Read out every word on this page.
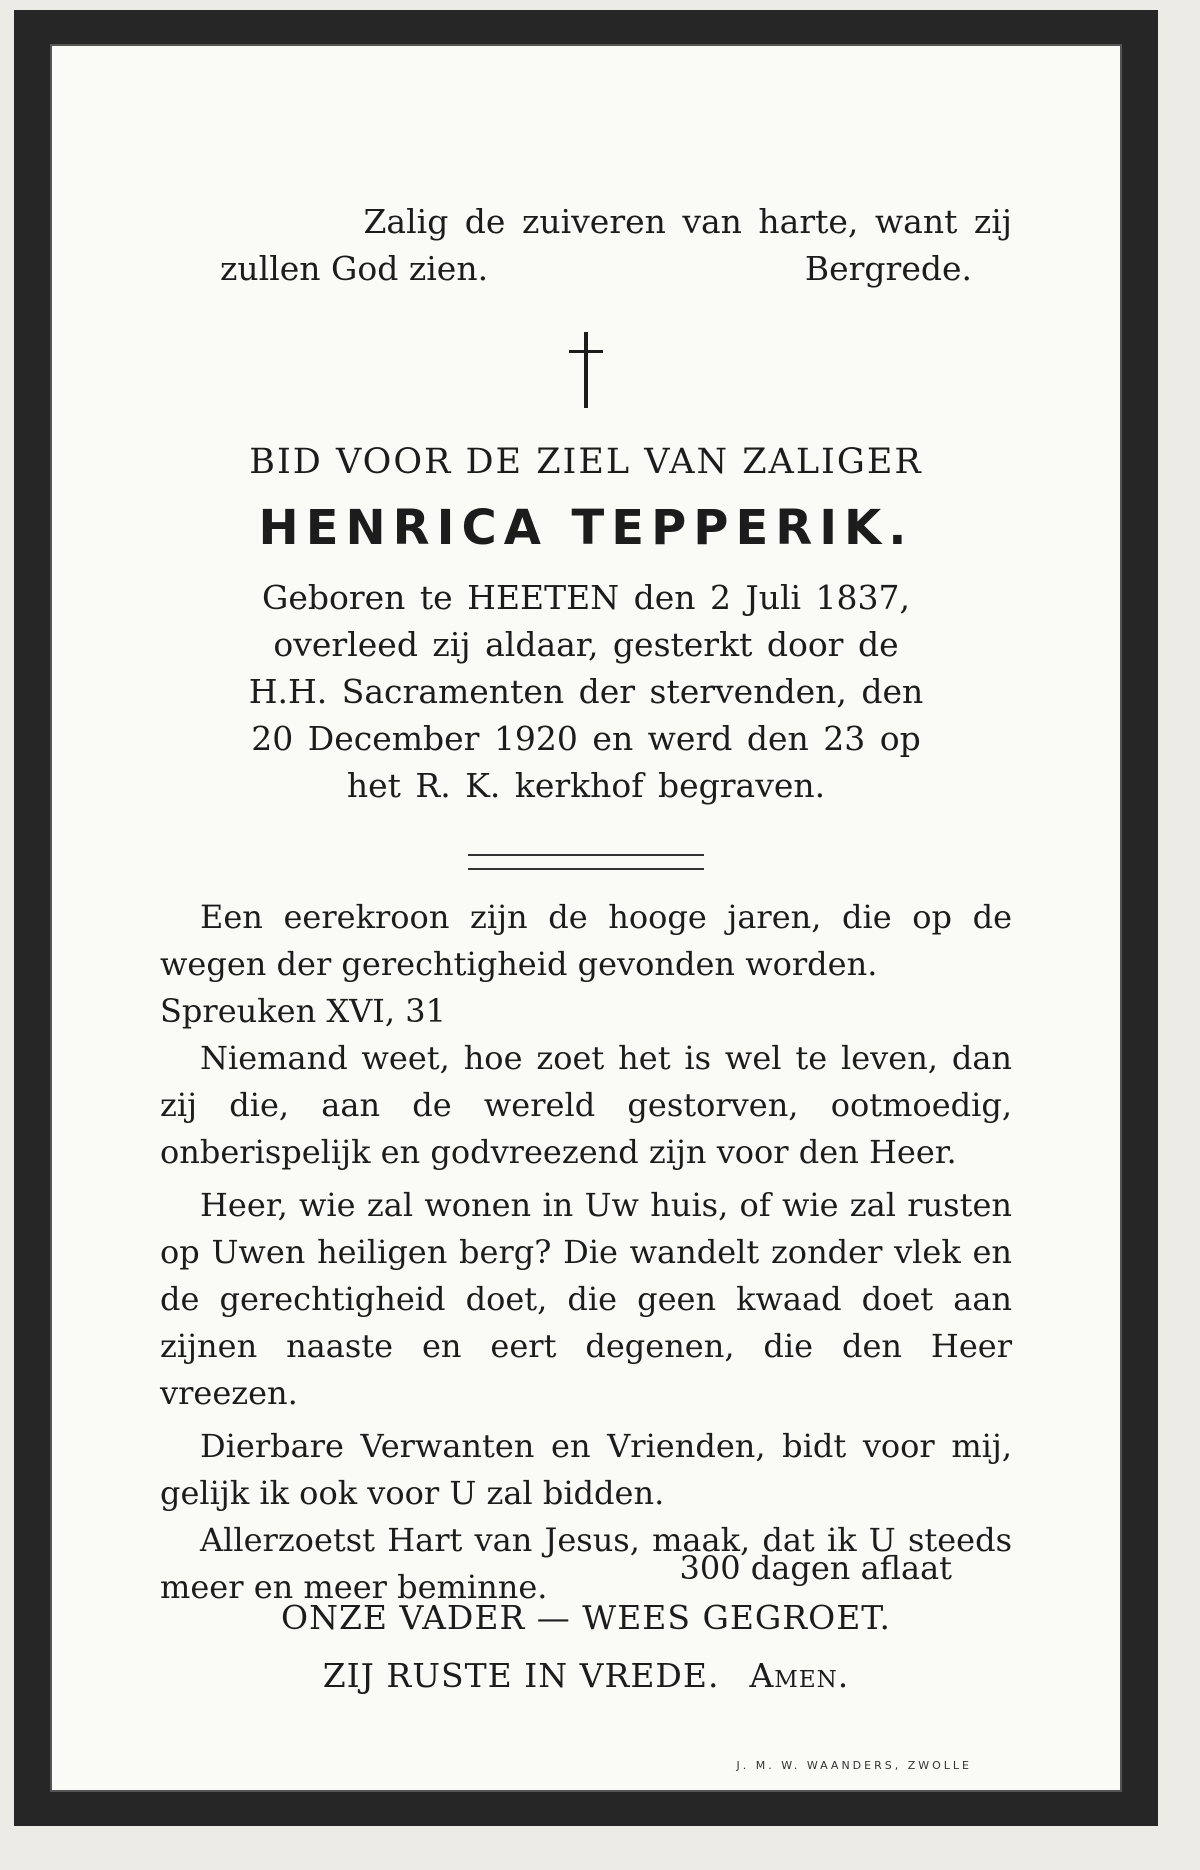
Zalig de zuiveren van harte, want zij
zullen God zien.	Bergrede.
BID VOOR DE ZIEL VAN ZALIGER
HENRICA TEPPERIK.
Geboren te HEETEN den 2 Juli 1837,
overleed zij aldaar, gesterkt door de
H.H. Sacramenten der stervenden, den
20 December 1920 en werd den 23 op
het R. K. kerkhof begraven.

Een eerekroon zijn de hooge jaren, die op de wegen der gerechtigheid gevonden worden.

Spreuken XVI, 31

Niemand weet, hoe zoet het is wel te leven, dan zij die, aan de wereld gestorven, ootmoedig, onberispelijk en godvreezend zijn voor den Heer.

Heer, wie zal wonen in Uw huis, of wie zal rusten op Uwen heiligen berg? Die wandelt zonder vlek en de gerechtigheid doet, die geen kwaad doet aan zijnen naaste en eert degenen, die den Heer vreezen.

Dierbare Verwanten en Vrienden, bidt voor mij, gelijk ik ook voor U zal bidden.

Allerzoetst Hart van Jesus, maak, dat ik U steeds meer en meer beminne.	300 dagen aflaat
ONZE VADER — WEES GEGROET.
ZIJ RUSTE IN VREDE. Amen.
J. M. W. WAANDERS, ZWOLLE
